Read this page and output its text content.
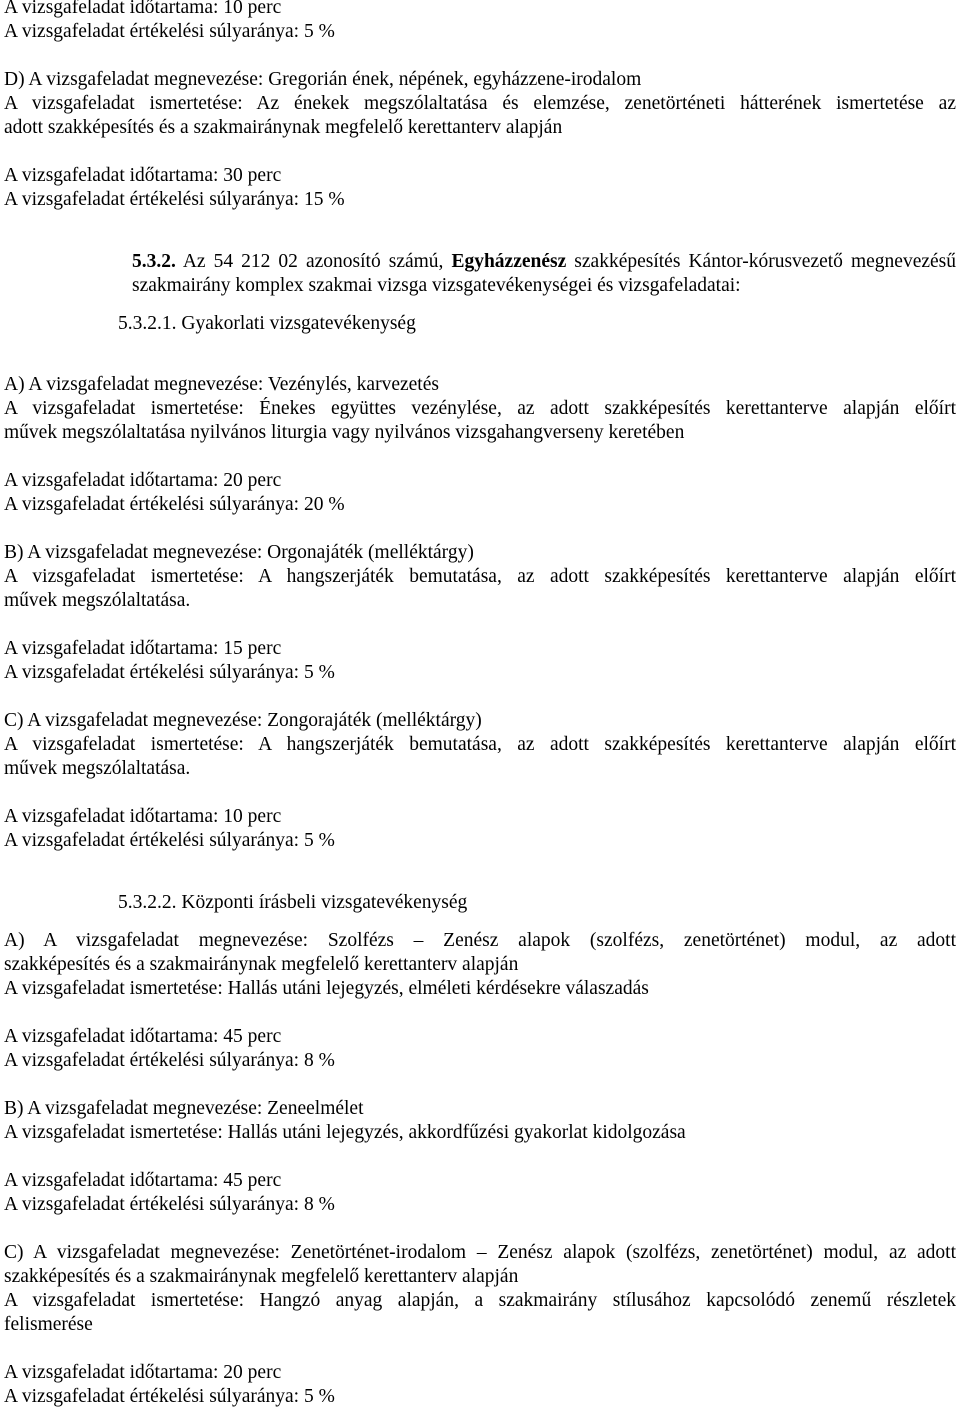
A vizsgafeladat időtartama: 10 perc
A vizsgafeladat értékelési súlyaránya: 5 %
D) A vizsgafeladat megnevezése: Gregorián ének, népének, egyházzene-irodalom
A vizsgafeladat ismertetése: Az énekek megszólaltatása és elemzése, zenetörténeti hátterének ismertetése az
adott szakképesítés és a szakmairánynak megfelelő kerettanterv alapján
A vizsgafeladat időtartama: 30 perc
A vizsgafeladat értékelési súlyaránya: 15 %
5.3.2. Az 54 212 02 azonosító számú, Egyházzenész szakképesítés Kántor-kórusvezető megnevezésű
szakmairány komplex szakmai vizsga vizsgatevékenységei és vizsgafeladatai:
5.3.2.1. Gyakorlati vizsgatevékenység
A) A vizsgafeladat megnevezése: Vezénylés, karvezetés
A vizsgafeladat ismertetése: Énekes együttes vezénylése, az adott szakképesítés kerettanterve alapján előírt
művek megszólaltatása nyilvános liturgia vagy nyilvános vizsgahangverseny keretében
A vizsgafeladat időtartama: 20 perc
A vizsgafeladat értékelési súlyaránya: 20 %
B) A vizsgafeladat megnevezése: Orgonajáték (melléktárgy)
A vizsgafeladat ismertetése: A hangszerjáték bemutatása, az adott szakképesítés kerettanterve alapján előírt
művek megszólaltatása.
A vizsgafeladat időtartama: 15 perc
A vizsgafeladat értékelési súlyaránya: 5 %
C) A vizsgafeladat megnevezése: Zongorajáték (melléktárgy)
A vizsgafeladat ismertetése: A hangszerjáték bemutatása, az adott szakképesítés kerettanterve alapján előírt
művek megszólaltatása.
A vizsgafeladat időtartama: 10 perc
A vizsgafeladat értékelési súlyaránya: 5 %
5.3.2.2. Központi írásbeli vizsgatevékenység
A) A vizsgafeladat megnevezése: Szolfézs – Zenész alapok (szolfézs, zenetörténet) modul, az adott
szakképesítés és a szakmairánynak megfelelő kerettanterv alapján
A vizsgafeladat ismertetése: Hallás utáni lejegyzés, elméleti kérdésekre válaszadás
A vizsgafeladat időtartama: 45 perc
A vizsgafeladat értékelési súlyaránya: 8 %
B) A vizsgafeladat megnevezése: Zeneelmélet
A vizsgafeladat ismertetése: Hallás utáni lejegyzés, akkordfűzési gyakorlat kidolgozása
A vizsgafeladat időtartama: 45 perc
A vizsgafeladat értékelési súlyaránya: 8 %
C) A vizsgafeladat megnevezése: Zenetörténet-irodalom – Zenész alapok (szolfézs, zenetörténet) modul, az adott
szakképesítés és a szakmairánynak megfelelő kerettanterv alapján
A vizsgafeladat ismertetése: Hangzó anyag alapján, a szakmairány stílusához kapcsolódó zenemű részletek
felismerése
A vizsgafeladat időtartama: 20 perc
A vizsgafeladat értékelési súlyaránya: 5 %
